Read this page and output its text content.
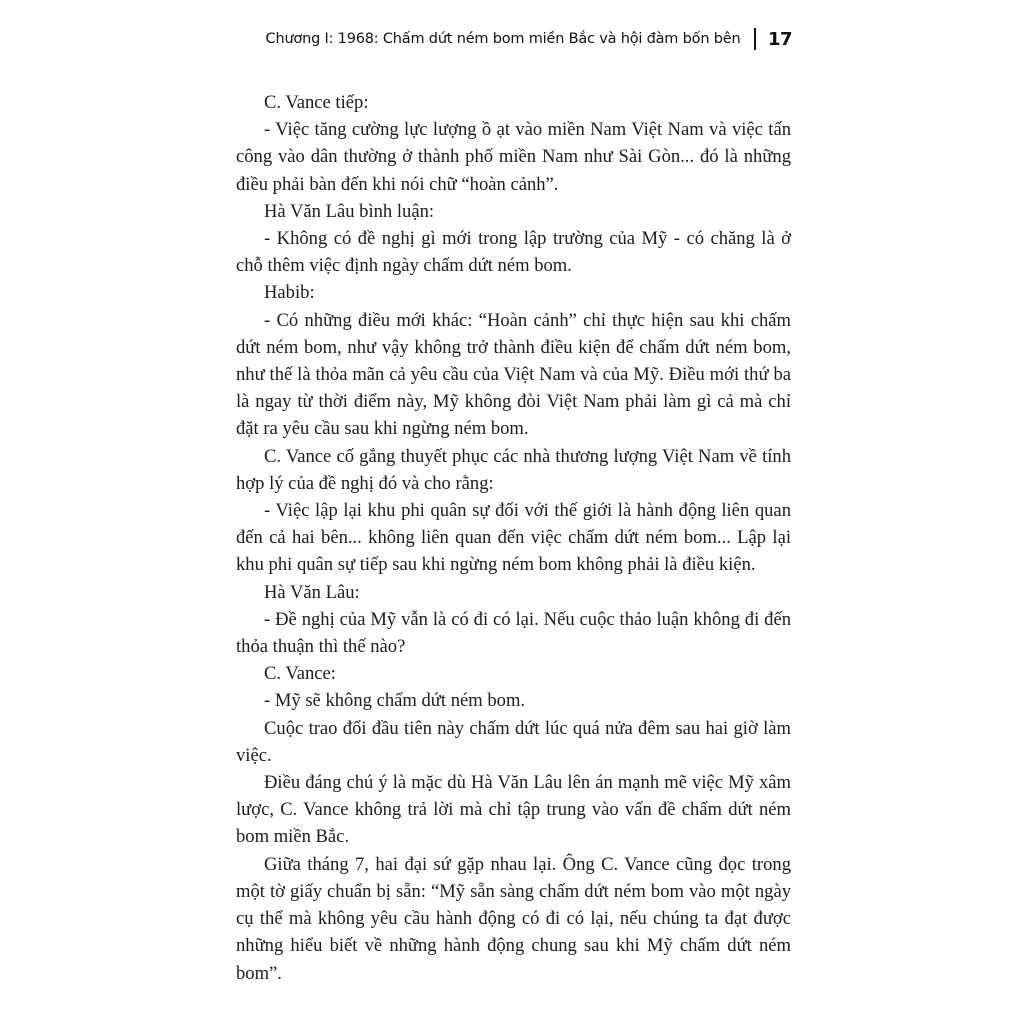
Chương I: 1968: Chấm dứt ném bom miền Bắc và hội đàm bốn bên 17

C. Vance tiếp:

- Việc tăng cường lực lượng ồ ạt vào miền Nam Việt Nam và việc tấn công vào dân thường ở thành phố miền Nam như Sài Gòn... đó là những điều phải bàn đến khi nói chữ “hoàn cảnh”.

Hà Văn Lâu bình luận:

- Không có đề nghị gì mới trong lập trường của Mỹ - có chăng là ở chỗ thêm việc định ngày chấm dứt ném bom.

Habib:

- Có những điều mới khác: “Hoàn cảnh” chỉ thực hiện sau khi chấm dứt ném bom, như vậy không trở thành điều kiện để chấm dứt ném bom, như thế là thỏa mãn cả yêu cầu của Việt Nam và của Mỹ. Điều mới thứ ba là ngay từ thời điểm này, Mỹ không đòi Việt Nam phải làm gì cả mà chỉ đặt ra yêu cầu sau khi ngừng ném bom.

C. Vance cố gắng thuyết phục các nhà thương lượng Việt Nam về tính hợp lý của đề nghị đó và cho rằng:

- Việc lập lại khu phi quân sự đối với thế giới là hành động liên quan đến cả hai bên... không liên quan đến việc chấm dứt ném bom... Lập lại khu phi quân sự tiếp sau khi ngừng ném bom không phải là điều kiện.

Hà Văn Lâu:

- Đề nghị của Mỹ vẫn là có đi có lại. Nếu cuộc thảo luận không đi đến thỏa thuận thì thế nào?

C. Vance:

- Mỹ sẽ không chấm dứt ném bom.

Cuộc trao đổi đầu tiên này chấm dứt lúc quá nửa đêm sau hai giờ làm việc.

Điều đáng chú ý là mặc dù Hà Văn Lâu lên án mạnh mẽ việc Mỹ xâm lược, C. Vance không trả lời mà chỉ tập trung vào vấn đề chấm dứt ném bom miền Bắc.

Giữa tháng 7, hai đại sứ gặp nhau lại. Ông C. Vance cũng đọc trong một tờ giấy chuẩn bị sẵn: “Mỹ sẵn sàng chấm dứt ném bom vào một ngày cụ thể mà không yêu cầu hành động có đi có lại, nếu chúng ta đạt được những hiểu biết về những hành động chung sau khi Mỹ chấm dứt ném bom”.
